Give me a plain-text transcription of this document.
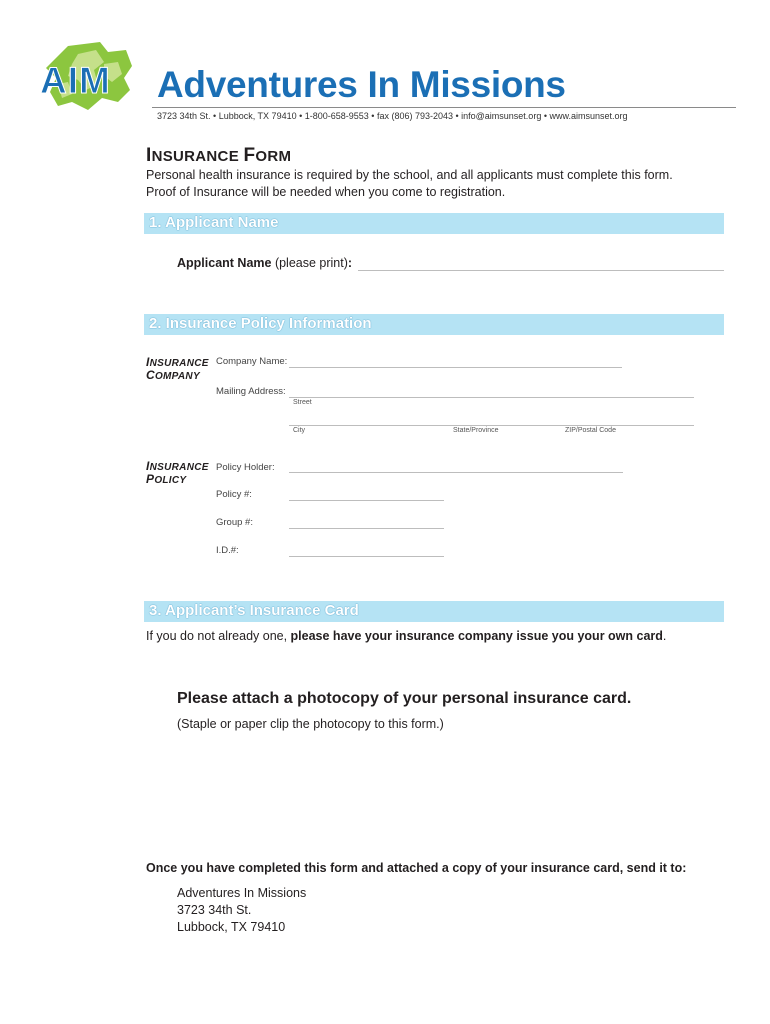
AIM Adventures In Missions
3723 34th St. • Lubbock, TX 79410 • 1-800-658-9553 • fax (806) 793-2043 • info@aimsunset.org • www.aimsunset.org
INSURANCE FORM
Personal health insurance is required by the school, and all applicants must complete this form.
Proof of Insurance will be needed when you come to registration.
1. Applicant Name
Applicant Name (please print):
2. Insurance Policy Information
INSURANCE
COMPANY
Company Name:
Mailing Address:
Street
City	State/Province	ZIP/Postal Code
INSURANCE
POLICY
Policy Holder:
Policy #:
Group #:
I.D.#:
3. Applicant’s Insurance Card
If you do not already one, please have your insurance company issue you your own card.
Please attach a photocopy of your personal insurance card.
(Staple or paper clip the photocopy to this form.)
Once you have completed this form and attached a copy of your insurance card, send it to:
Adventures In Missions
3723 34th St.
Lubbock, TX 79410
